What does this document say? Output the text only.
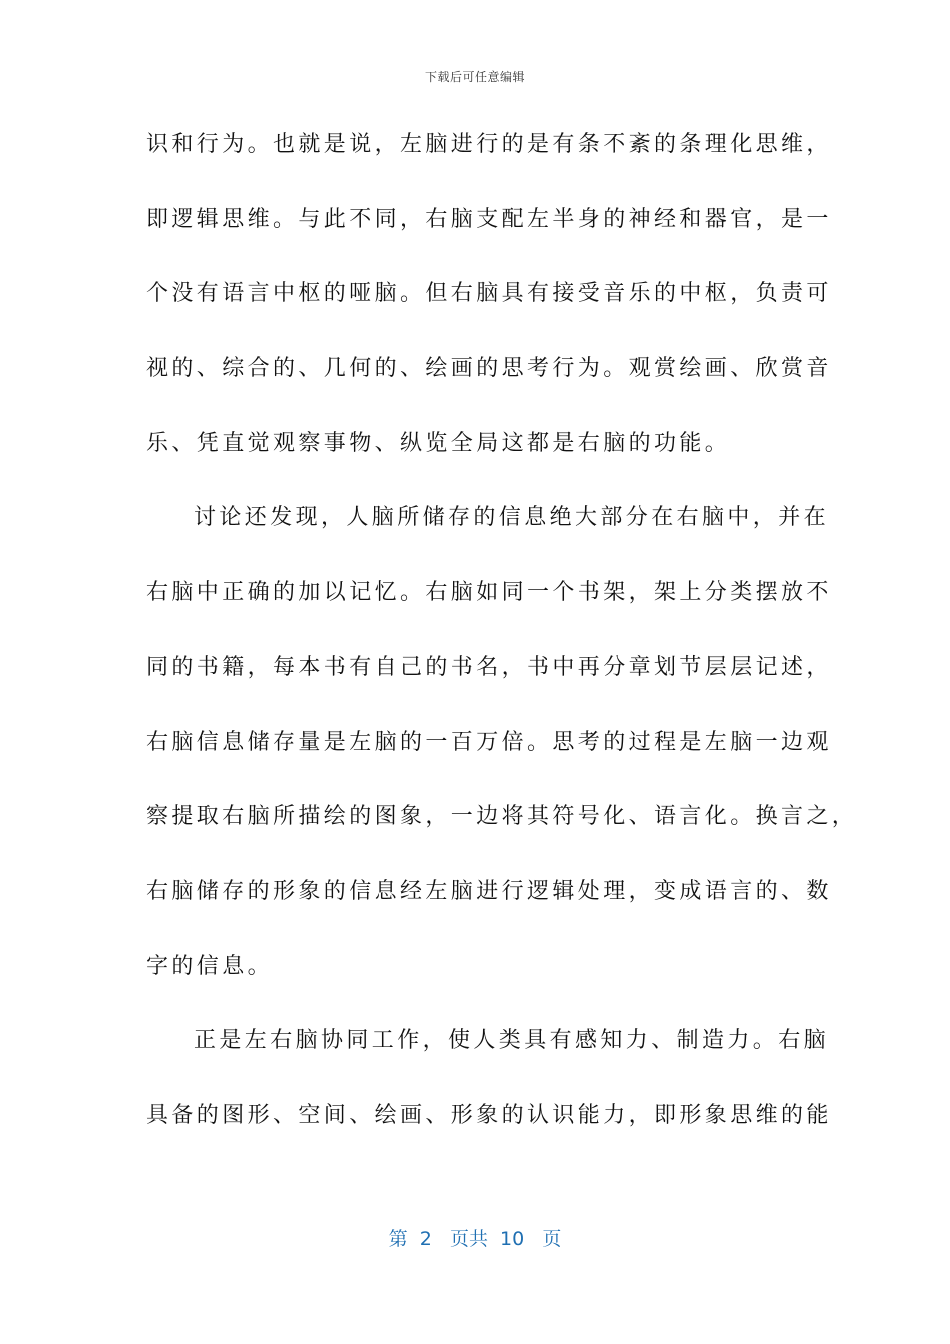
下载后可任意编辑
识和行为。也就是说，左脑进行的是有条不紊的条理化思维，
即逻辑思维。与此不同，右脑支配左半身的神经和器官，是一
个没有语言中枢的哑脑。但右脑具有接受音乐的中枢，负责可
视的、综合的、几何的、绘画的思考行为。观赏绘画、欣赏音
乐、凭直觉观察事物、纵览全局这都是右脑的功能。
讨论还发现，人脑所储存的信息绝大部分在右脑中，并在
右脑中正确的加以记忆。右脑如同一个书架，架上分类摆放不
同的书籍，每本书有自己的书名，书中再分章划节层层记述，
右脑信息储存量是左脑的一百万倍。思考的过程是左脑一边观
察提取右脑所描绘的图象，一边将其符号化、语言化。换言之，
右脑储存的形象的信息经左脑进行逻辑处理，变成语言的、数
字的信息。
正是左右脑协同工作，使人类具有感知力、制造力。右脑
具备的图形、空间、绘画、形象的认识能力，即形象思维的能
第 2 页共 10 页
